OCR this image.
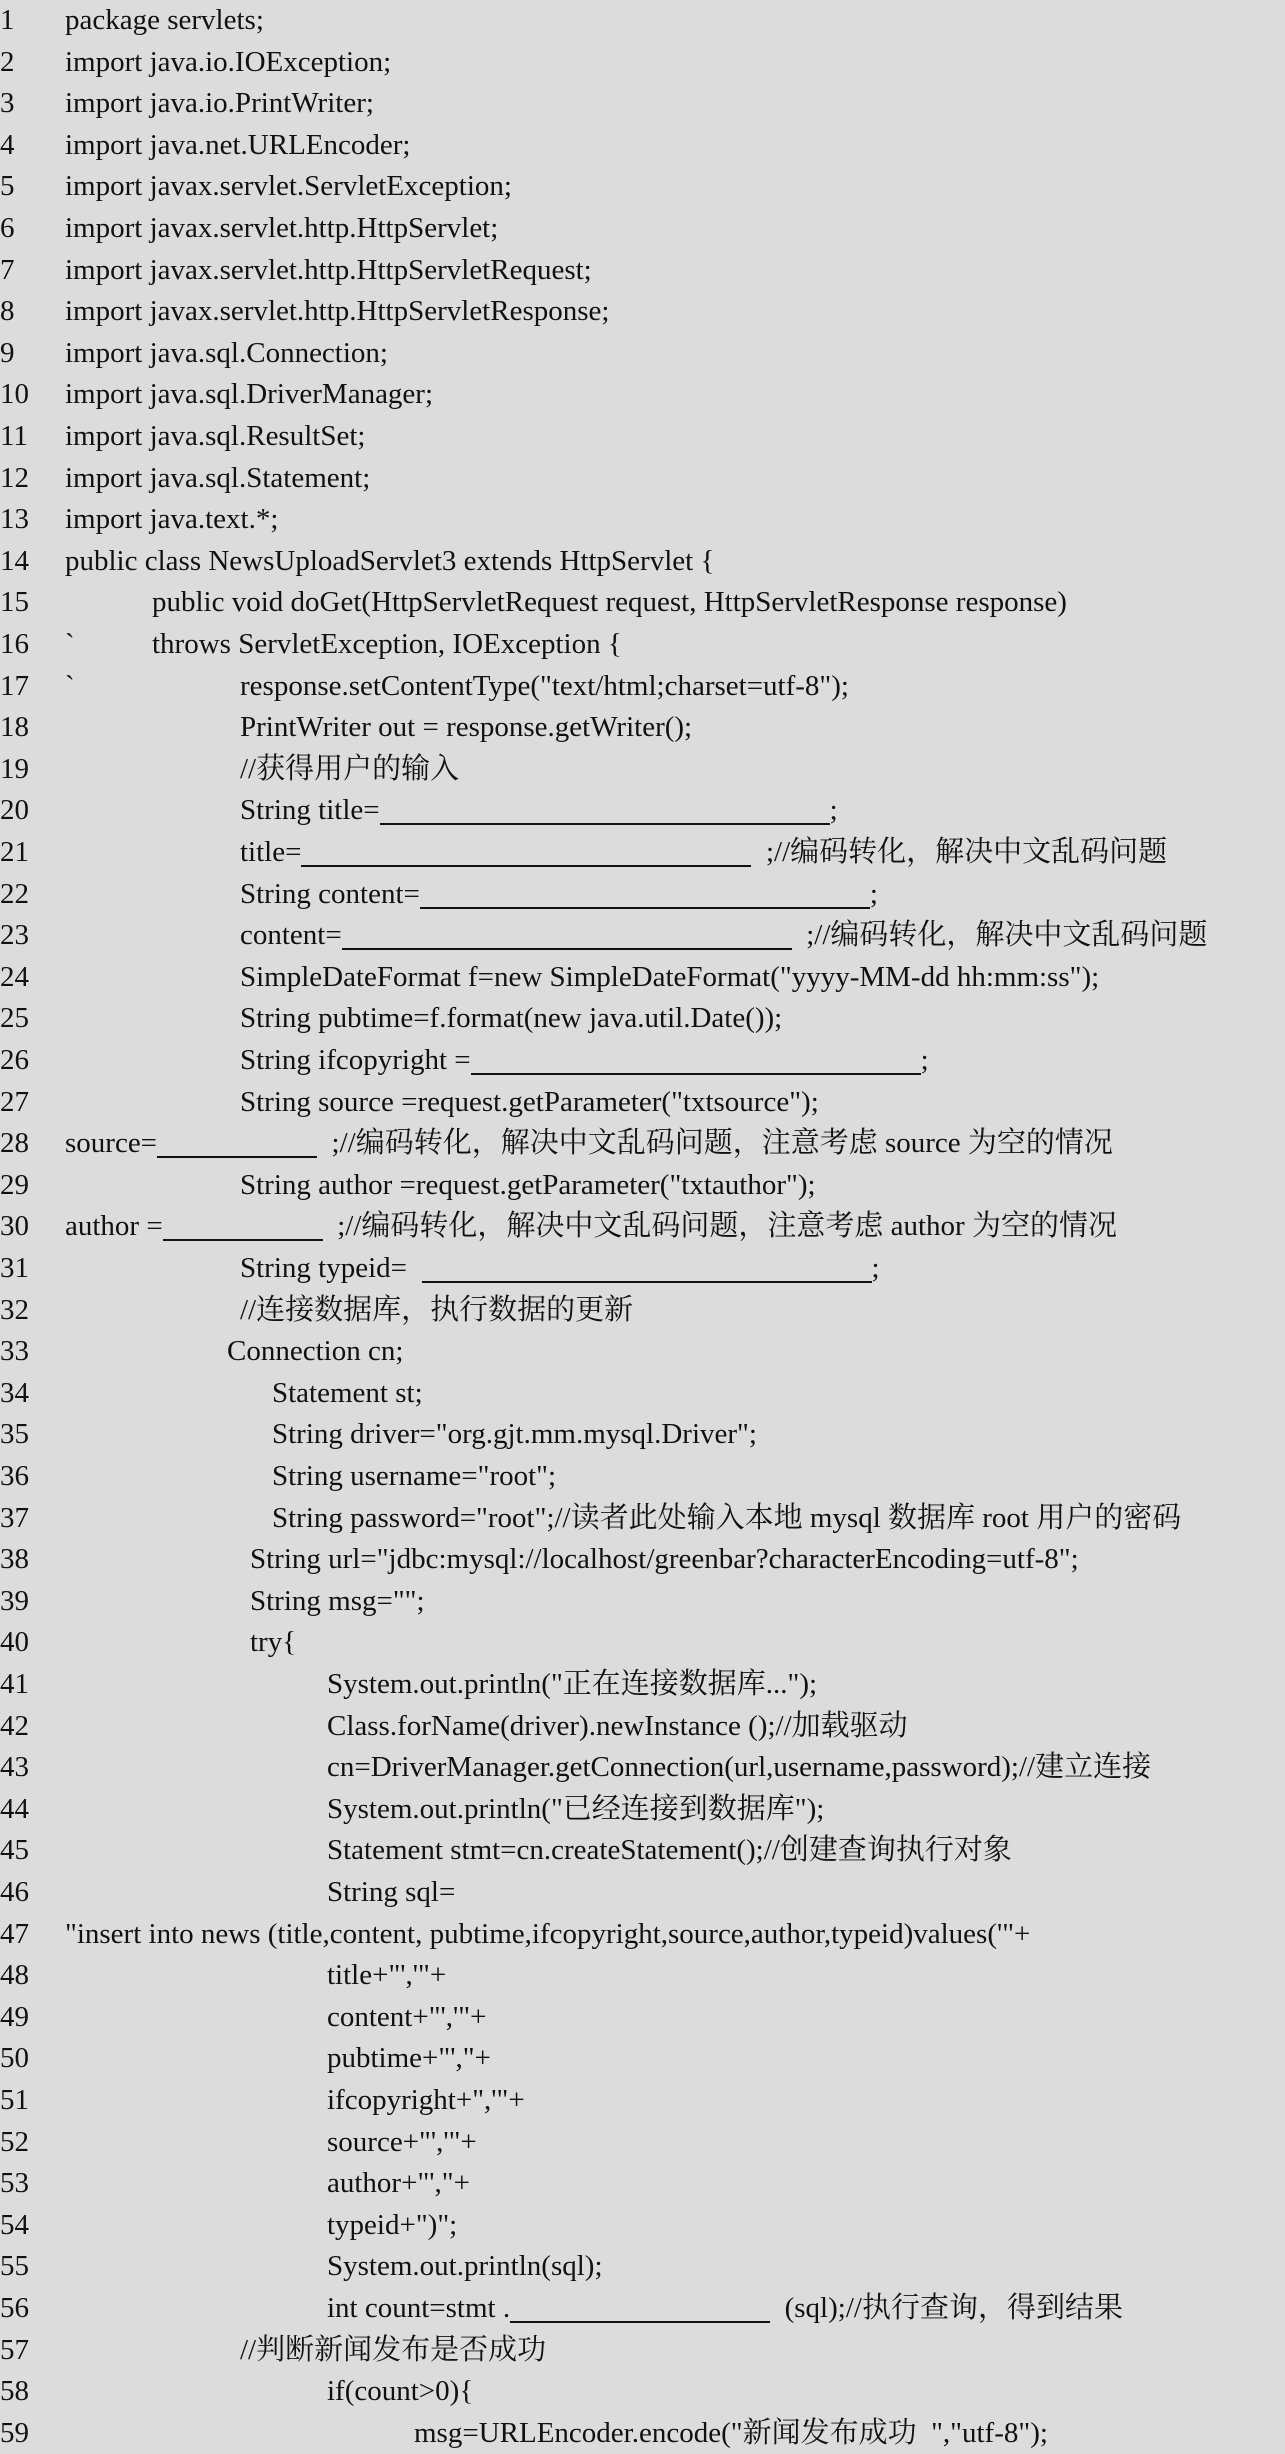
1	package servlets;
2	import java.io.IOException;
3	import java.io.PrintWriter;
4	import java.net.URLEncoder;
5	import javax.servlet.ServletException;
6	import javax.servlet.http.HttpServlet;
7	import javax.servlet.http.HttpServletRequest;
8	import javax.servlet.http.HttpServletResponse;
9	import java.sql.Connection;
10	import java.sql.DriverManager;
11	import java.sql.ResultSet;
12	import java.sql.Statement;
13	import java.text.*;
14	public class NewsUploadServlet3 extends HttpServlet {
15	public void doGet(HttpServletRequest request, HttpServletResponse response)
16	`	throws ServletException, IOException {
17	`	response.setContentType("text/html;charset=utf-8");
18	PrintWriter out = response.getWriter();
19	//获得用户的输入
20	String title=	;
21	title=	;//编码转化，解决中文乱码问题
22	String content=	;
23	content=	;//编码转化，解决中文乱码问题
24	SimpleDateFormat f=new SimpleDateFormat("yyyy-MM-dd hh:mm:ss");
25	String pubtime=f.format(new java.util.Date());
26	String ifcopyright =	;
27	String source =request.getParameter("txtsource");
28	source=	;//编码转化，解决中文乱码问题，注意考虑 source 为空的情况
29	String author =request.getParameter("txtauthor");
30	author =	;//编码转化，解决中文乱码问题，注意考虑 author 为空的情况
31	String typeid=	;
32	//连接数据库，执行数据的更新
33	Connection cn;
34	Statement st;
35	String driver="org.gjt.mm.mysql.Driver";
36	String username="root";
37	String password="root";//读者此处输入本地 mysql 数据库 root 用户的密码
38	String url="jdbc:mysql://localhost/greenbar?characterEncoding=utf-8";
39	String msg="";
40	try{
41	System.out.println("正在连接数据库...");
42	Class.forName(driver).newInstance ();//加载驱动
43	cn=DriverManager.getConnection(url,username,password);//建立连接
44	System.out.println("已经连接到数据库");
45	Statement stmt=cn.createStatement();//创建查询执行对象
46	String sql=
47	"insert into news (title,content, pubtime,ifcopyright,source,author,typeid)values('"+
48	title+"','"+
49	content+"','"+
50	pubtime+"',"+
51	ifcopyright+",'"+
52	source+"','"+
53	author+"',"+
54	typeid+")";
55	System.out.println(sql);
56	int count=stmt .	(sql);//执行查询，得到结果
57	//判断新闻发布是否成功
58	if(count>0){
59	msg=URLEncoder.encode("新闻发布成功  ","utf-8");
